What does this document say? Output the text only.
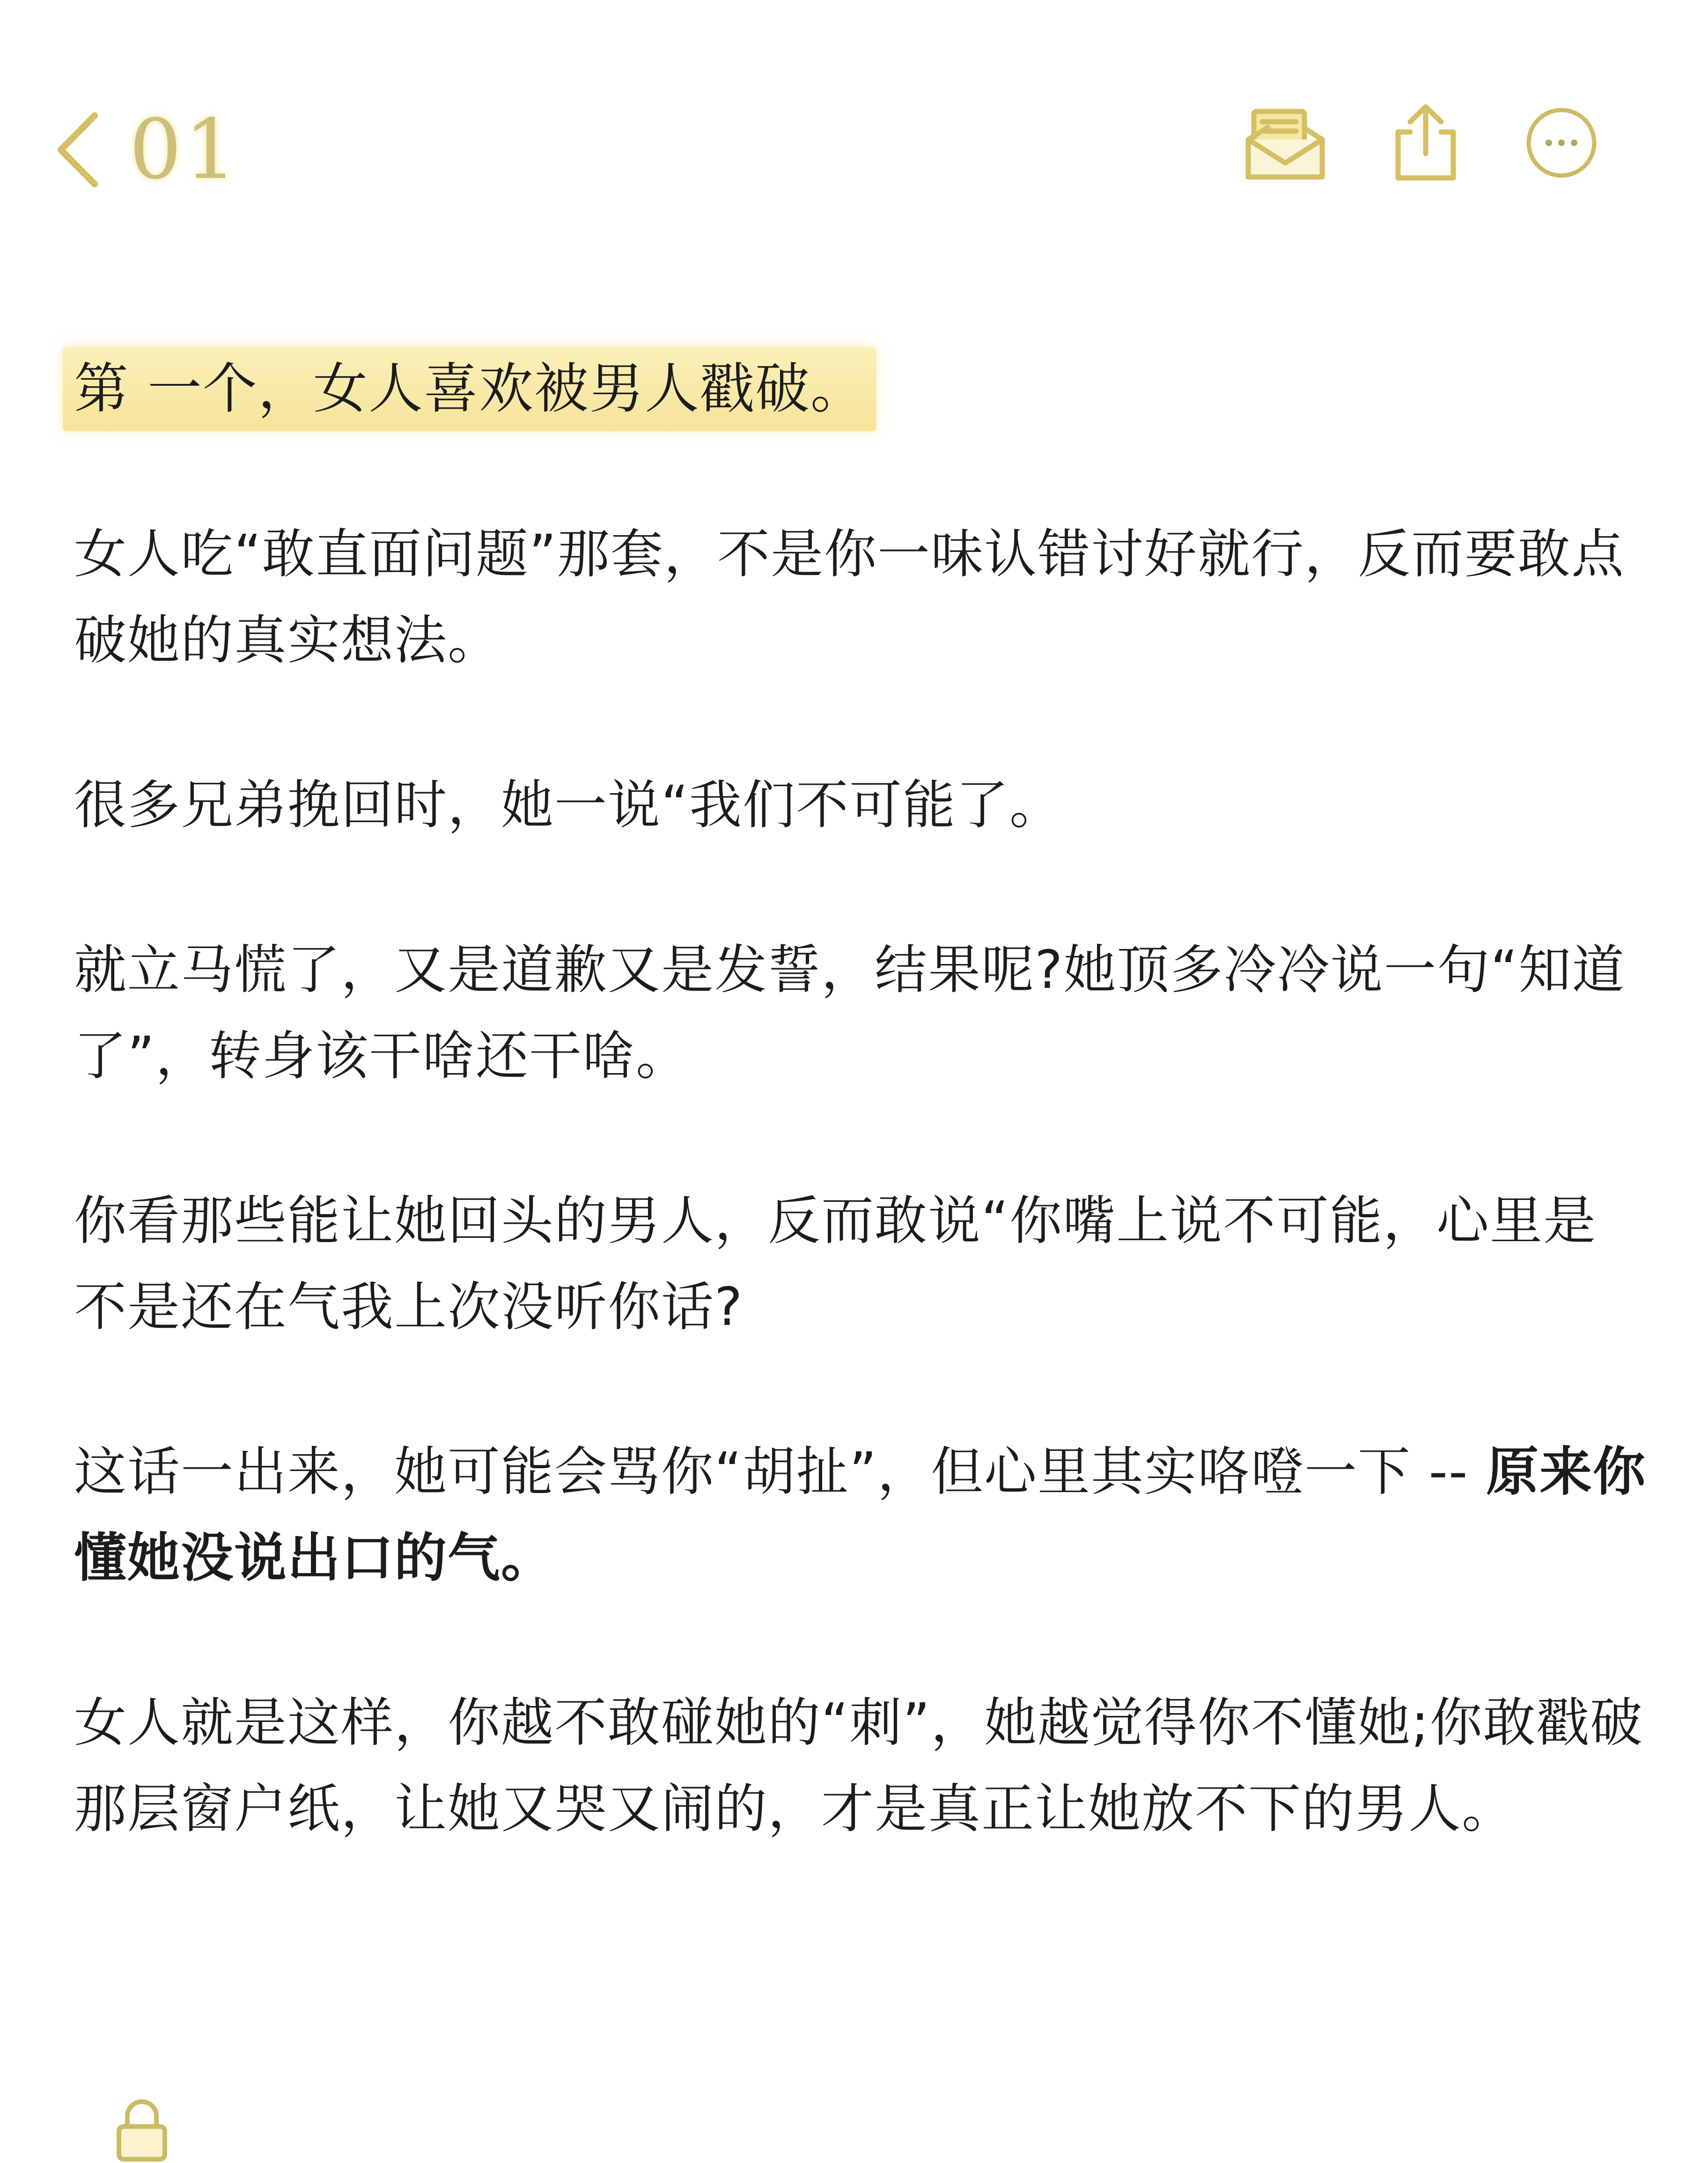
01
第 一个，女人喜欢被男人戳破。

女人吃“敢直面问题”那套，不是你一味认错讨好就行，反而要敢点破她的真实想法。

很多兄弟挽回时，她一说“我们不可能了。

就立马慌了，又是道歉又是发誓，结果呢?她顶多冷冷说一句“知道了”，转身该干啥还干啥。

你看那些能让她回头的男人，反而敢说“你嘴上说不可能，心里是不是还在气我上次没听你话?

这话一出来，她可能会骂你“胡扯”，但心里其实咯噔一下 -- 原来你懂她没说出口的气。

女人就是这样，你越不敢碰她的“刺”，她越觉得你不懂她;你敢戳破那层窗户纸，让她又哭又闹的，才是真正让她放不下的男人。
